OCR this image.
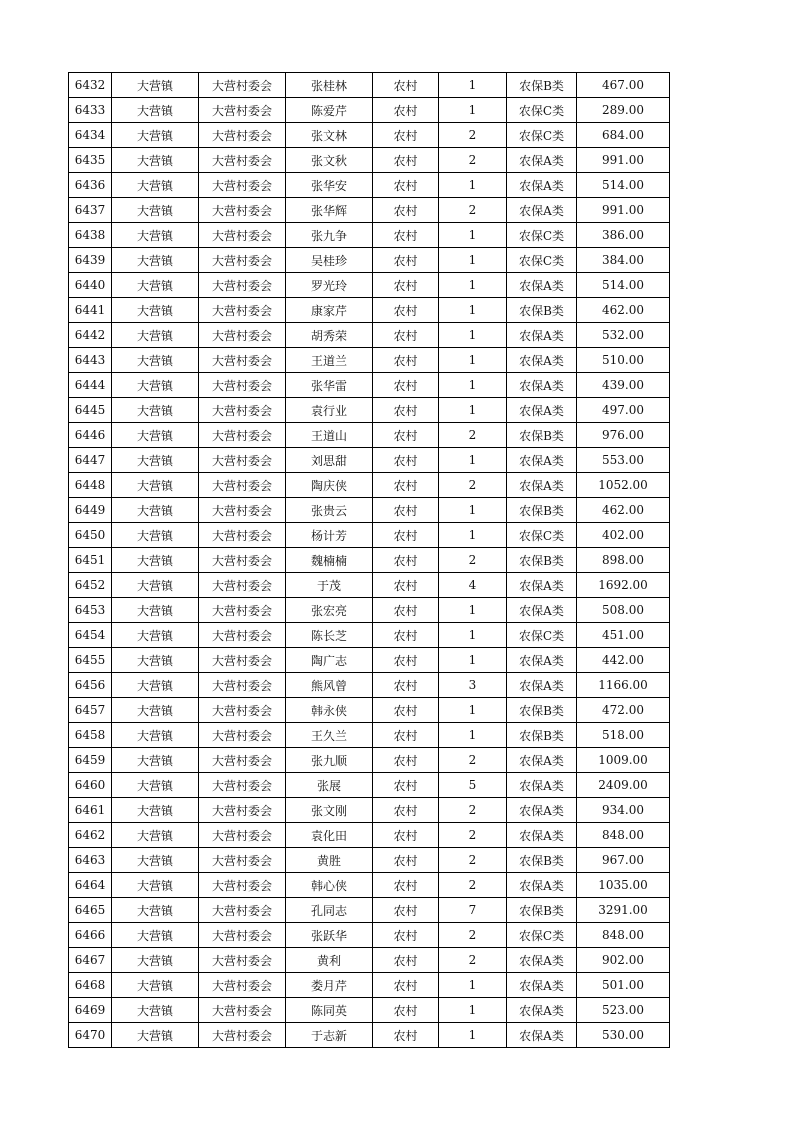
6432	大营镇	大营村委会	张桂林	农村	1	农保B类	467.00
6433	大营镇	大营村委会	陈爱芹	农村	1	农保C类	289.00
6434	大营镇	大营村委会	张文林	农村	2	农保C类	684.00
6435	大营镇	大营村委会	张文秋	农村	2	农保A类	991.00
6436	大营镇	大营村委会	张华安	农村	1	农保A类	514.00
6437	大营镇	大营村委会	张华辉	农村	2	农保A类	991.00
6438	大营镇	大营村委会	张九争	农村	1	农保C类	386.00
6439	大营镇	大营村委会	吴桂珍	农村	1	农保C类	384.00
6440	大营镇	大营村委会	罗光玲	农村	1	农保A类	514.00
6441	大营镇	大营村委会	康家芹	农村	1	农保B类	462.00
6442	大营镇	大营村委会	胡秀荣	农村	1	农保A类	532.00
6443	大营镇	大营村委会	王道兰	农村	1	农保A类	510.00
6444	大营镇	大营村委会	张华雷	农村	1	农保A类	439.00
6445	大营镇	大营村委会	袁行业	农村	1	农保A类	497.00
6446	大营镇	大营村委会	王道山	农村	2	农保B类	976.00
6447	大营镇	大营村委会	刘思甜	农村	1	农保A类	553.00
6448	大营镇	大营村委会	陶庆侠	农村	2	农保A类	1052.00
6449	大营镇	大营村委会	张贵云	农村	1	农保B类	462.00
6450	大营镇	大营村委会	杨计芳	农村	1	农保C类	402.00
6451	大营镇	大营村委会	魏楠楠	农村	2	农保B类	898.00
6452	大营镇	大营村委会	于茂	农村	4	农保A类	1692.00
6453	大营镇	大营村委会	张宏亮	农村	1	农保A类	508.00
6454	大营镇	大营村委会	陈长芝	农村	1	农保C类	451.00
6455	大营镇	大营村委会	陶广志	农村	1	农保A类	442.00
6456	大营镇	大营村委会	熊风曾	农村	3	农保A类	1166.00
6457	大营镇	大营村委会	韩永侠	农村	1	农保B类	472.00
6458	大营镇	大营村委会	王久兰	农村	1	农保B类	518.00
6459	大营镇	大营村委会	张九顺	农村	2	农保A类	1009.00
6460	大营镇	大营村委会	张展	农村	5	农保A类	2409.00
6461	大营镇	大营村委会	张文刚	农村	2	农保A类	934.00
6462	大营镇	大营村委会	袁化田	农村	2	农保A类	848.00
6463	大营镇	大营村委会	黄胜	农村	2	农保B类	967.00
6464	大营镇	大营村委会	韩心侠	农村	2	农保A类	1035.00
6465	大营镇	大营村委会	孔同志	农村	7	农保B类	3291.00
6466	大营镇	大营村委会	张跃华	农村	2	农保C类	848.00
6467	大营镇	大营村委会	黄利	农村	2	农保A类	902.00
6468	大营镇	大营村委会	娄月芹	农村	1	农保A类	501.00
6469	大营镇	大营村委会	陈同英	农村	1	农保A类	523.00
6470	大营镇	大营村委会	于志新	农村	1	农保A类	530.00
